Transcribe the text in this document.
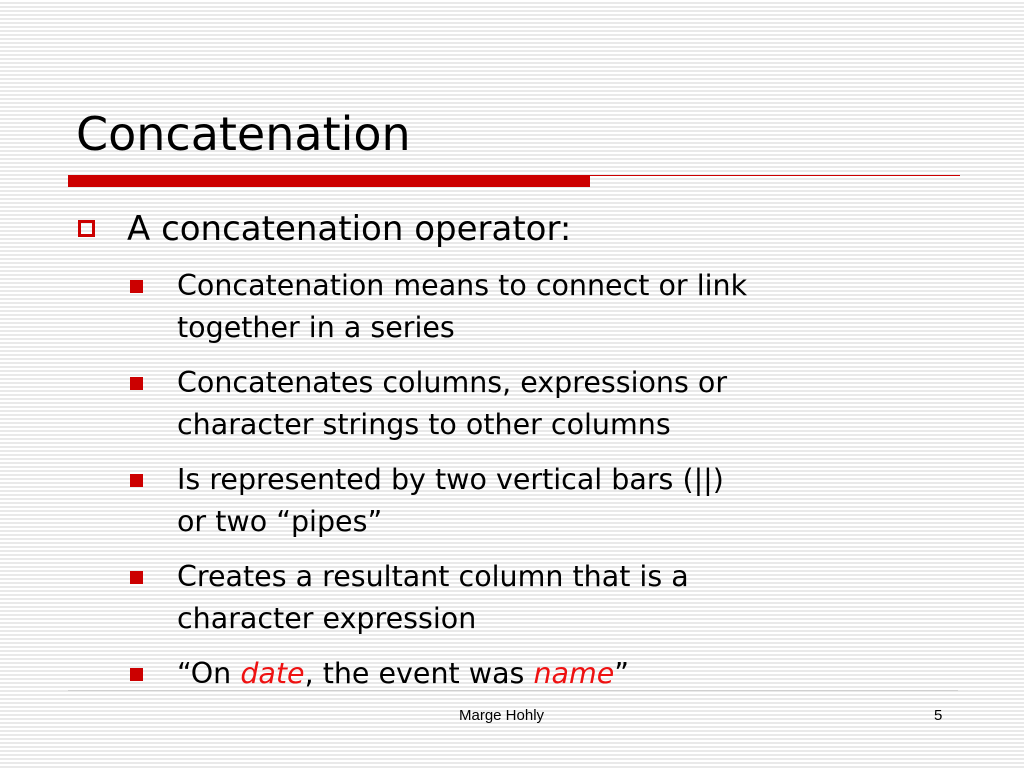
Concatenation
A concatenation operator:
Concatenation means to connect or link
together in a series
Concatenates columns, expressions or
character strings to other columns
Is represented by two vertical bars (||)
or two “pipes”
Creates a resultant column that is a
character expression
“On date, the event was name”
Marge Hohly	5
